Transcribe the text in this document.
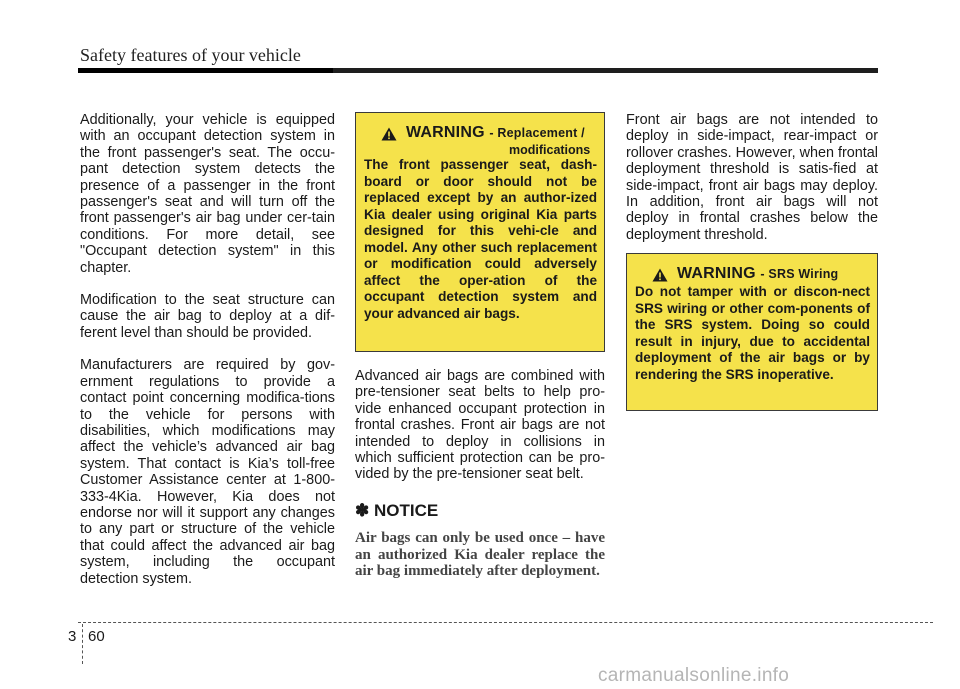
Safety features of your vehicle

Additionally, your vehicle is equipped with an occupant detection system in the front passenger's seat. The occu-pant detection system detects the presence of a passenger in the front passenger's seat and will turn off the front passenger's air bag under cer-tain conditions. For more detail, see "Occupant detection system" in this chapter.

Modification to the seat structure can cause the air bag to deploy at a dif-ferent level than should be provided.

Manufacturers are required by gov-ernment regulations to provide a contact point concerning modifica-tions to the vehicle for persons with disabilities, which modifications may affect the vehicle’s advanced air bag system. That contact is Kia’s toll-free Customer Assistance center at 1-800-333-4Kia. However, Kia does not endorse nor will it support any changes to any part or structure of the vehicle that could affect the advanced air bag system, including the occupant detection system.

WARNING - Replacement /
modifications
The front passenger seat, dash-board or door should not be replaced except by an author-ized Kia dealer using original Kia parts designed for this vehi-cle and model. Any other such replacement or modification could adversely affect the oper-ation of the occupant detection system and your advanced air bags.
Advanced air bags are combined with pre-tensioner seat belts to help pro-vide enhanced occupant protection in frontal crashes. Front air bags are not intended to deploy in collisions in which sufficient protection can be pro-vided by the pre-tensioner seat belt.
✽ NOTICE
Air bags can only be used once – have an authorized Kia dealer replace the air bag immediately after deployment.

Front air bags are not intended to deploy in side-impact, rear-impact or rollover crashes. However, when frontal deployment threshold is satis-fied at side-impact, front air bags may deploy. In addition, front air bags will not deploy in frontal crashes below the deployment threshold.

WARNING - SRS Wiring
Do not tamper with or discon-nect SRS wiring or other com-ponents of the SRS system. Doing so could result in injury, due to accidental deployment of the air bags or by rendering the SRS inoperative.
3 60
carmanualsonline.info
